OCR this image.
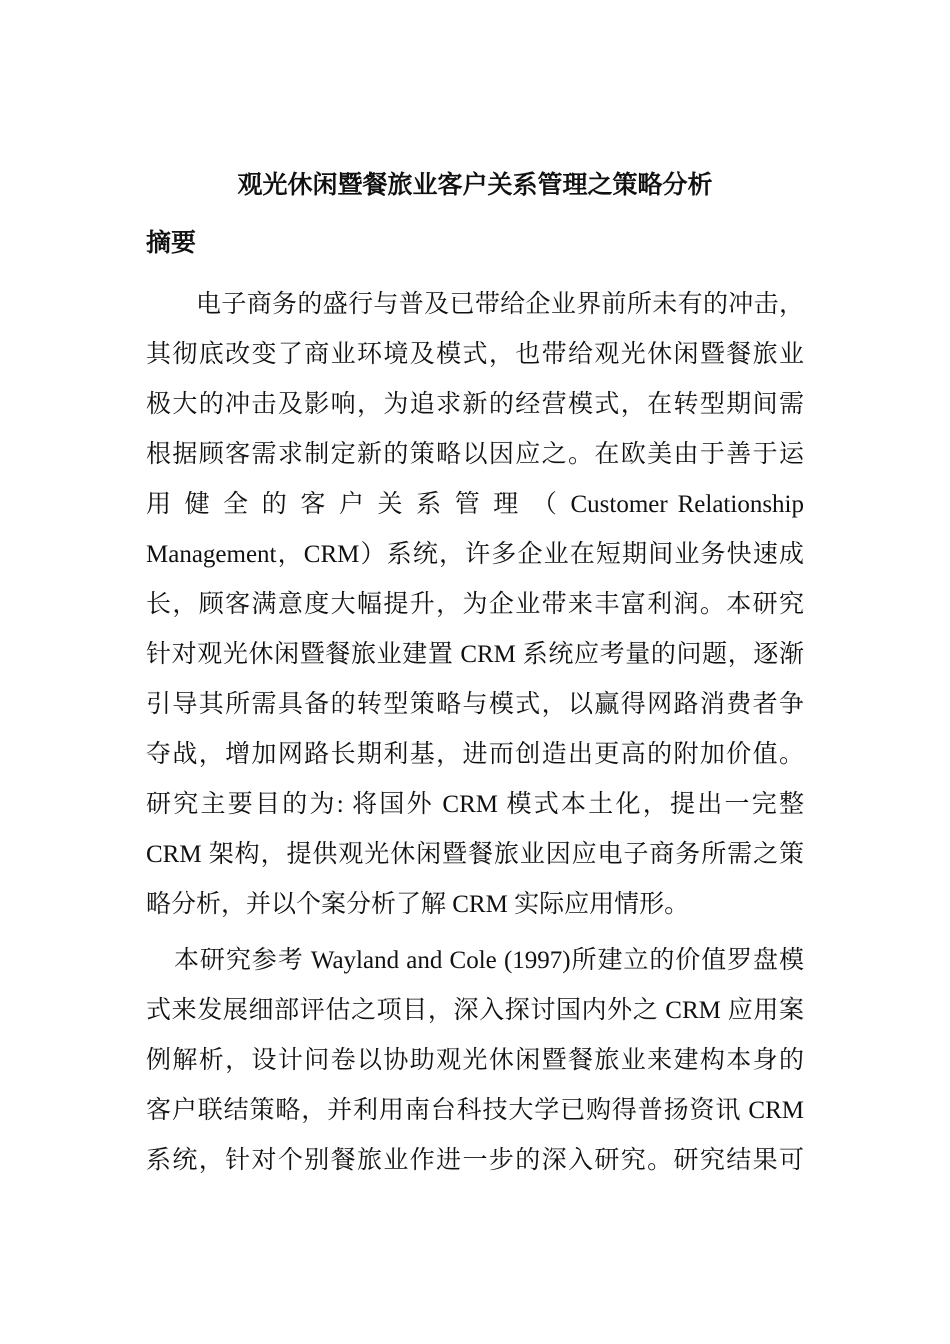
观光休闲暨餐旅业客户关系管理之策略分析
摘要
电子商务的盛行与普及已带给企业界前所未有的冲击，
其彻底改变了商业环境及模式，也带给观光休闲暨餐旅业
极大的冲击及影响，为追求新的经营模式，在转型期间需
根据顾客需求制定新的策略以因应之。在欧美由于善于运
用 健 全 的 客 户 关 系 管 理 （ Customer Relationship
Management，CRM）系统，许多企业在短期间业务快速成
长，顾客满意度大幅提升，为企业带来丰富利润。本研究
针对观光休闲暨餐旅业建置 CRM 系统应考量的问题，逐渐
引导其所需具备的转型策略与模式，以赢得网路消费者争
夺战，增加网路长期利基，进而创造出更高的附加价值。
研究主要目的为: 将国外 CRM 模式本土化，提出一完整
CRM 架构，提供观光休闲暨餐旅业因应电子商务所需之策
略分析，并以个案分析了解 CRM 实际应用情形。
本研究参考 Wayland and Cole (1997)所建立的价值罗盘模
式来发展细部评估之项目，深入探讨国内外之 CRM 应用案
例解析，设计问卷以协助观光休闲暨餐旅业来建构本身的
客户联结策略，并利用南台科技大学已购得普扬资讯 CRM
系统，针对个别餐旅业作进一步的深入研究。研究结果可
